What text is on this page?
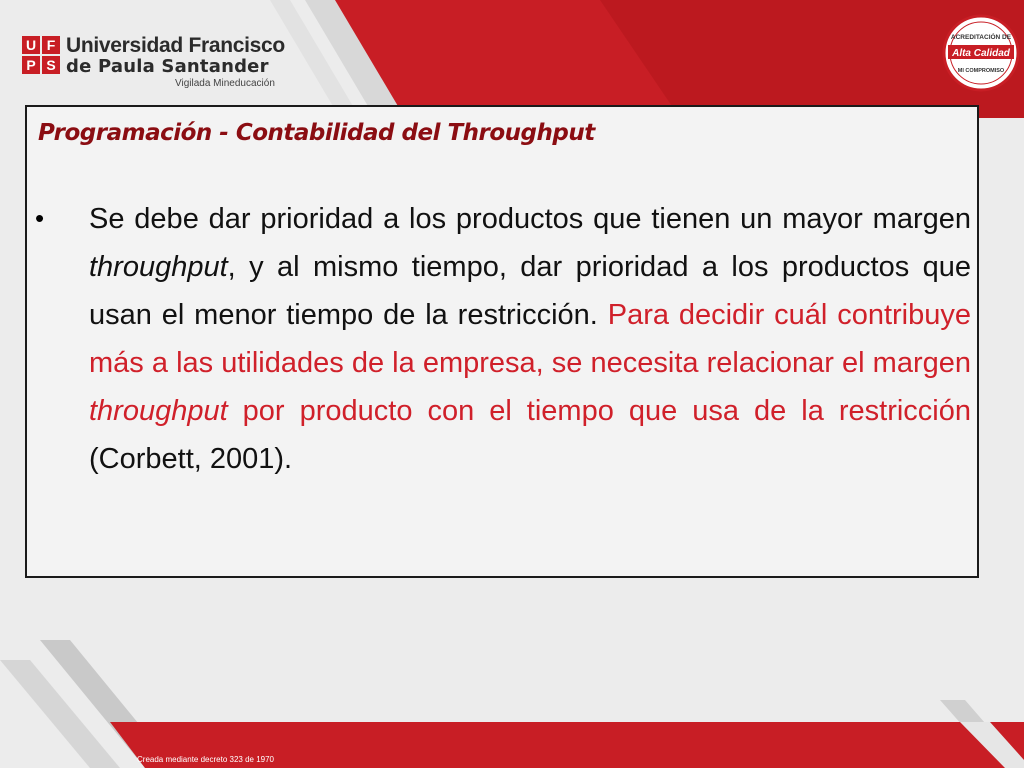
U F
P S
Universidad Francisco
de Paula Santander
Vigilada Mineducación
ACREDITACIÓN DE
Alta Calidad
MI COMPROMISO
Programación - Contabilidad del Throughput
• Se debe dar prioridad a los productos que tienen un mayor margen throughput, y al mismo tiempo, dar prioridad a los productos que usan el menor tiempo de la restricción. Para decidir cuál contribuye más a las utilidades de la empresa, se necesita relacionar el margen throughput por producto con el tiempo que usa de la restricción (Corbett, 2001).

Creada mediante decreto 323 de 1970
